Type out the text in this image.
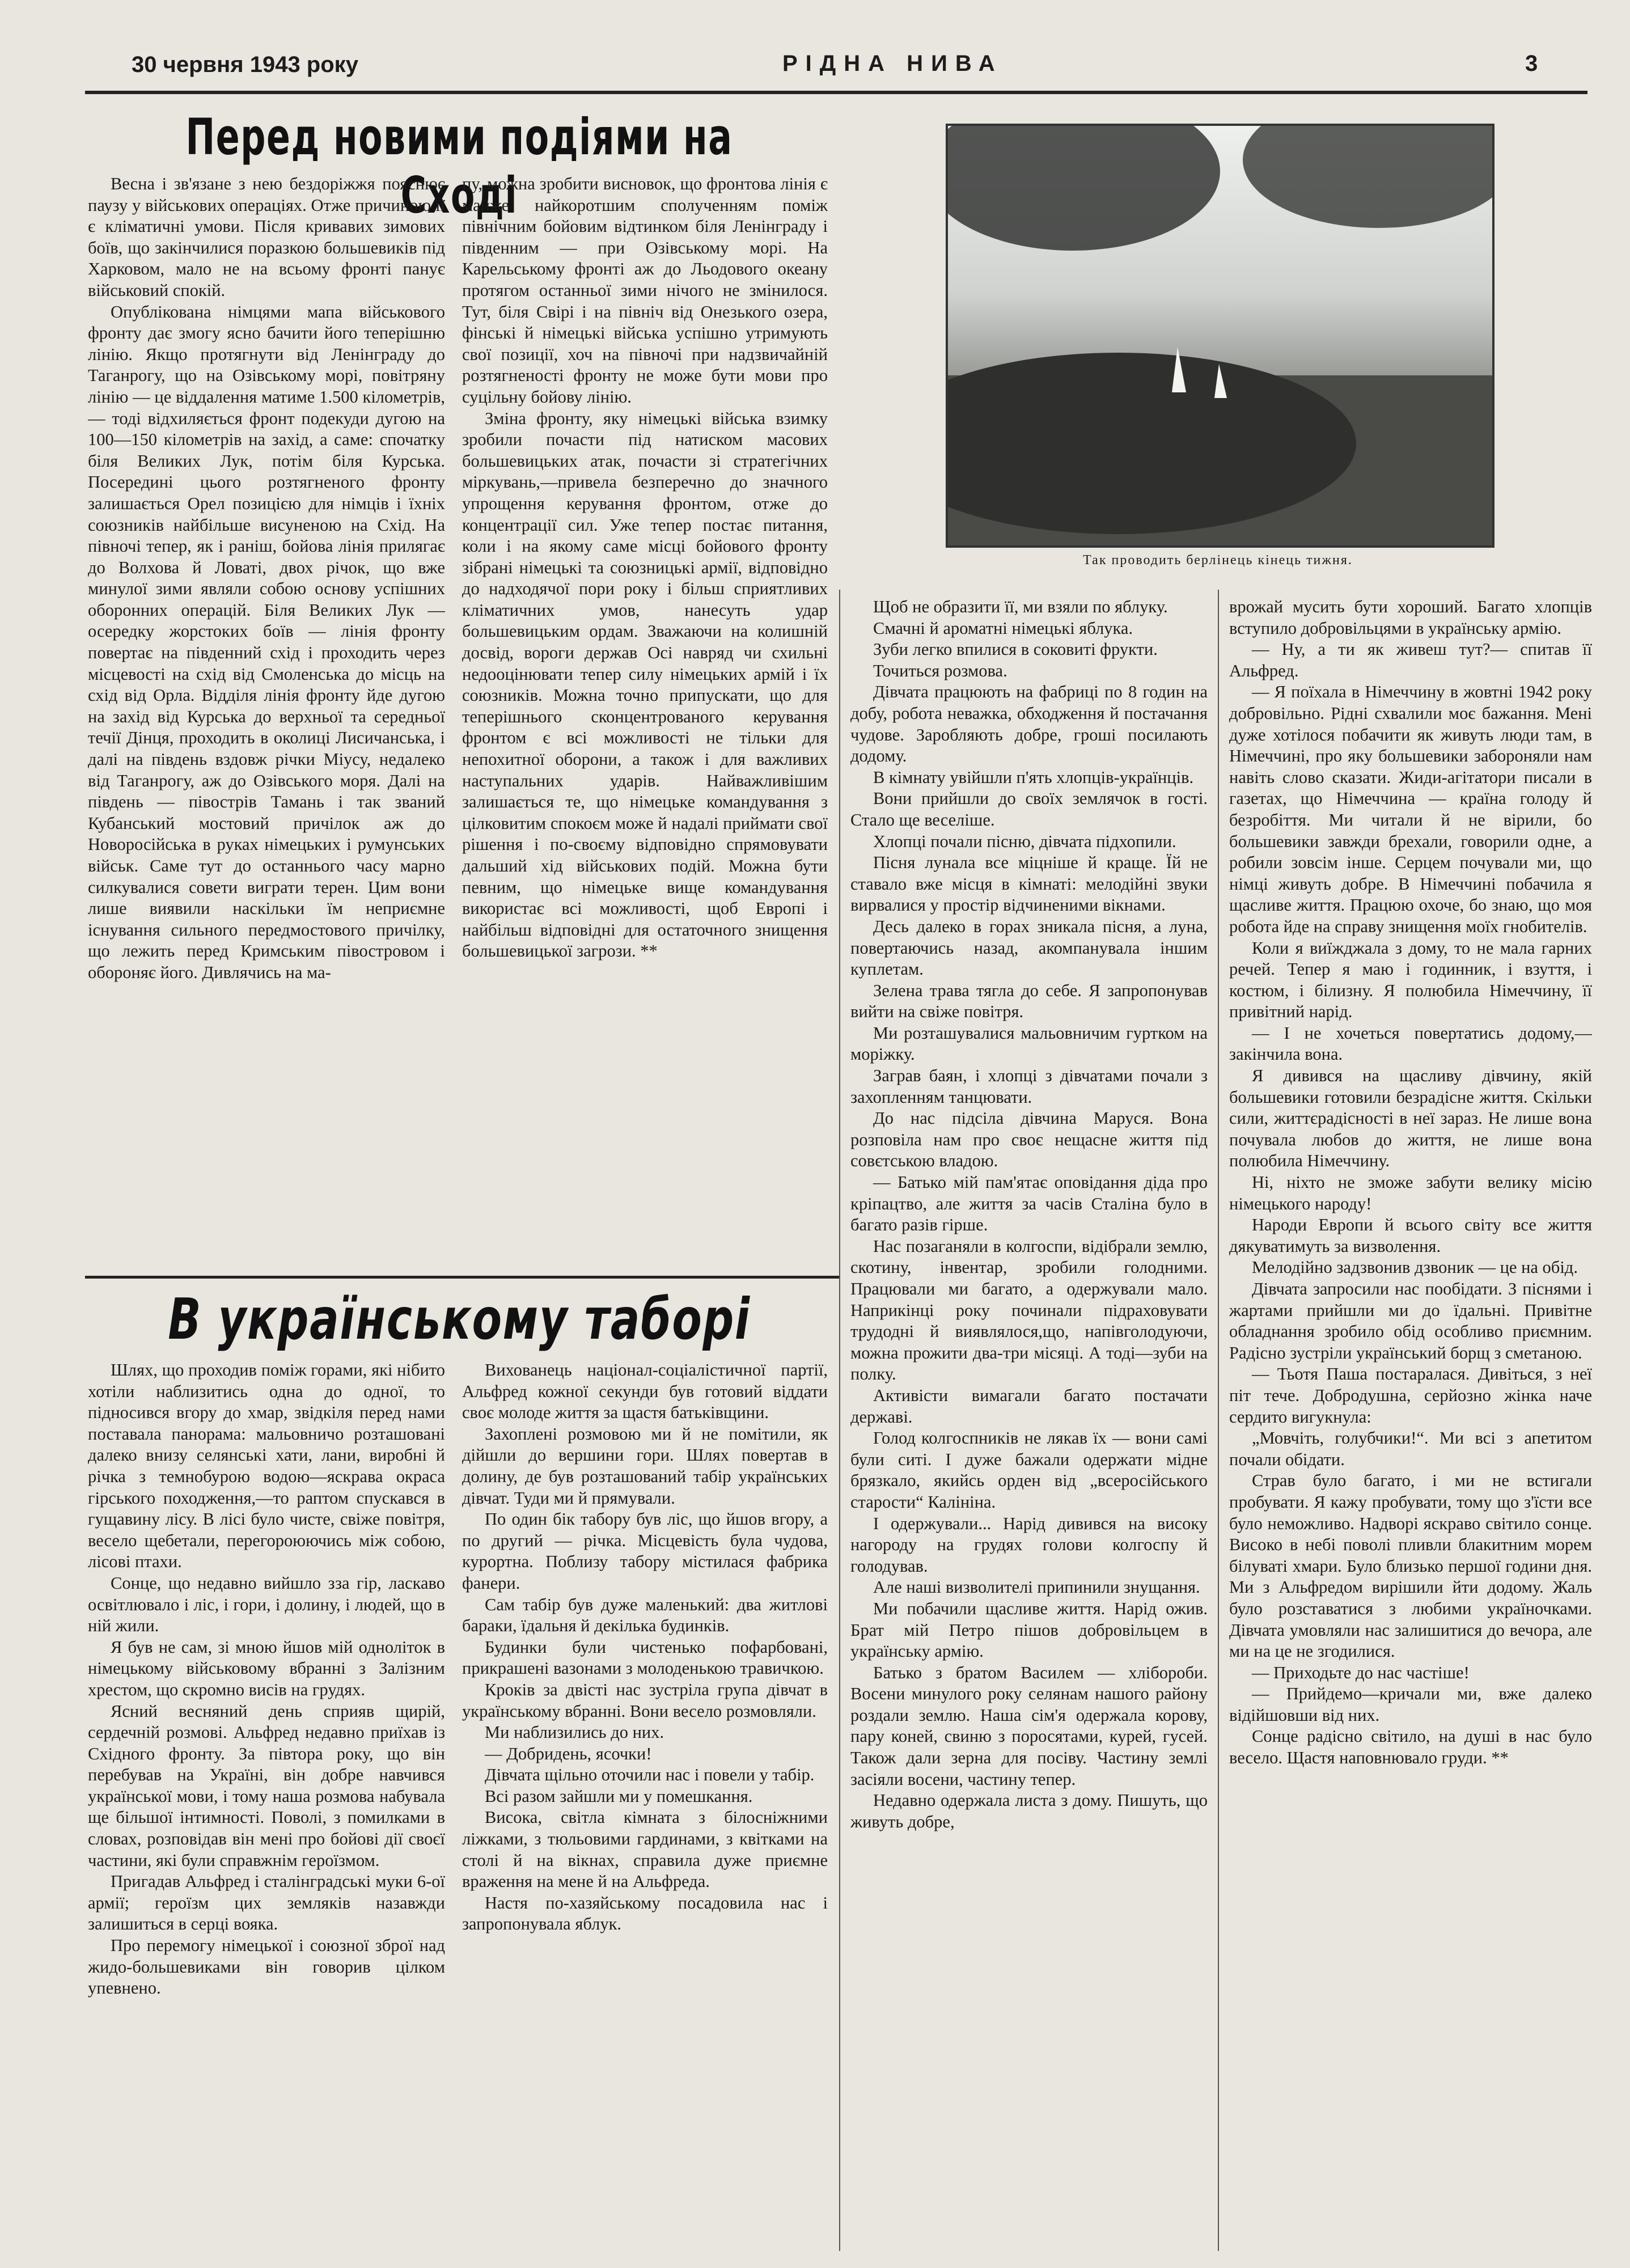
30 червня 1943 року	РІДНА НИВА	3
Перед новими подіями на Сході

Весна і зв'язане з нею бездоріжжя пояснює паузу у військових операціях. Отже причиною її є кліматичні умови. Після кривавих зимових боїв, що закінчилися поразкою большевиків під Харковом, мало не на всьому фронті панує військовий спокій.

Опублікована німцями мапа військового фронту дає змогу ясно бачити його теперішню лінію. Якщо протягнути від Ленінграду до Таганрогу, що на Озівському морі, повітряну лінію — це віддалення матиме 1.500 кілометрів, — тоді відхиляється фронт подекуди дугою на 100—150 кілометрів на захід, а саме: спочатку біля Великих Лук, потім біля Курська. Посередині цього розтягненого фронту залишається Орел позицією для німців і їхніх союзників найбільше висуненою на Схід. На півночі тепер, як і раніш, бойова лінія прилягає до Волхова й Ловаті, двох річок, що вже минулої зими являли собою основу успішних оборонних операцій. Біля Великих Лук — осередку жорстоких боїв — лінія фронту повертає на південний схід і проходить через місцевості на схід від Смоленська до місць на схід від Орла. Відділя лінія фронту йде дугою на захід від Курська до верхньої та середньої течії Дінця, проходить в околиці Лисичанська, і далі на південь вздовж річки Міусу, недалеко від Таганрогу, аж до Озівського моря. Далі на південь — півострів Тамань і так званий Кубанський мостовий причілок аж до Новоросійська в руках німецьких і румунських військ. Саме тут до останнього часу марно силкувалися совети виграти терен. Цим вони лише виявили наскільки їм неприємне існування сильного передмостового причілку, що лежить перед Кримським півостровом і обороняє його. Дивлячись на ма-

пу, можна зробити висновок, що фронтова лінія є майже найкоротшим сполученням поміж північним бойовим відтинком біля Ленінграду і південним — при Озівському морі. На Карельському фронті аж до Льодового океану протягом останньої зими нічого не змінилося. Тут, біля Свірі і на північ від Онезького озера, фінські й німецькі війська успішно утримують свої позиції, хоч на півночі при надзвичайній розтягненості фронту не може бути мови про суцільну бойову лінію.

Зміна фронту, яку німецькі війська взимку зробили почасти під натиском масових большевицьких атак, почасти зі стратегічних міркувань,—привела безперечно до значного упрощення керування фронтом, отже до концентрації сил. Уже тепер постає питання, коли і на якому саме місці бойового фронту зібрані німецькі та союзницькі армії, відповідно до надходячої пори року і більш сприятливих кліматичних умов, нанесуть удар большевицьким ордам. Зважаючи на колишній досвід, вороги держав Осі навряд чи схильні недооцінювати тепер силу німецьких армій і їх союзників. Можна точно припускати, що для теперішнього сконцентрованого керування фронтом є всі можливості не тільки для непохитної оборони, а також і для важливих наступальних ударів. Найважливішим залишається те, що німецьке командування з цілковитим спокоєм може й надалі приймати свої рішення і по-своєму відповідно спрямовувати дальший хід військових подій. Можна бути певним, що німецьке вище командування використає всі можливості, щоб Европі і найбільш відповідні для остаточного знищення большевицької загрози. **

Так проводить берлінець кінець тижня.
В українському таборі

Шлях, що проходив поміж горами, які нібито хотіли наблизитись одна до одної, то підносився вгору до хмар, звідкіля перед нами поставала панорама: мальовничо розташовані далеко внизу селянські хати, лани, виробні й річка з темнобурою водою—яскрава окраса гірського походження,—то раптом спускався в гущавину лісу. В лісі було чисте, свіже повітря, весело щебетали, перегороюючись між собою, лісові птахи.

Сонце, що недавно вийшло зза гір, ласкаво освітлювало і ліс, і гори, і долину, і людей, що в ній жили.

Я був не сам, зі мною йшов мій одноліток в німецькому військовому вбранні з Залізним хрестом, що скромно висів на грудях.

Ясний весняний день сприяв щирій, сердечній розмові. Альфред недавно приїхав із Східного фронту. За півтора року, що він перебував на Україні, він добре навчився української мови, і тому наша розмова набувала ще більшої інтимності. Поволі, з помилками в словах, розповідав він мені про бойові дії своєї частини, які були справжнім героїзмом.

Пригадав Альфред і сталінградські муки 6-ої армії; героїзм цих земляків назавжди залишиться в серці вояка.

Про перемогу німецької і союзної зброї над жидо-большевиками він говорив цілком упевнено.

Вихованець націонал-соціалістичної партії, Альфред кожної секунди був готовий віддати своє молоде життя за щастя батьківщини.

Захоплені розмовою ми й не помітили, як дійшли до вершини гори. Шлях повертав в долину, де був розташований табір українських дівчат. Туди ми й прямували.

По один бік табору був ліс, що йшов вгору, а по другий — річка. Місцевість була чудова, курортна. Поблизу табору містилася фабрика фанери.

Сам табір був дуже маленький: два житлові бараки, їдальня й декілька будинків.

Будинки були чистенько пофарбовані, прикрашені вазонами з молоденькою травичкою.

Кроків за двісті нас зустріла група дівчат в українському вбранні. Вони весело розмовляли.

Ми наблизились до них.

— Добридень, ясочки!

Дівчата щільно оточили нас і повели у табір.

Всі разом зайшли ми у помешкання.

Висока, світла кімната з білосніжними ліжками, з тюльовими гардинами, з квітками на столі й на вікнах, справила дуже приємне враження на мене й на Альфреда.

Настя по-хазяйському посадовила нас і запропонувала яблук.

Щоб не образити її, ми взяли по яблуку.

Смачні й ароматні німецькі яблука.

Зуби легко впилися в соковиті фрукти.

Точиться розмова.

Дівчата працюють на фабриці по 8 годин на добу, робота неважка, обходження й постачання чудове. Заробляють добре, гроші посилають додому.

В кімнату увійшли п'ять хлопців-українців.

Вони прийшли до своїх землячок в гості. Стало ще веселіше.

Хлопці почали пісню, дівчата підхопили.

Пісня лунала все міцніше й краще. Їй не ставало вже місця в кімнаті: мелодійні звуки вирвалися у простір відчиненими вікнами.

Десь далеко в горах зникала пісня, а луна, повертаючись назад, акомпанувала іншим куплетам.

Зелена трава тягла до себе. Я запропонував вийти на свіже повітря.

Ми розташувалися мальовничим гуртком на моріжку.

Заграв баян, і хлопці з дівчатами почали з захопленням танцювати.

До нас підсіла дівчина Маруся. Вона розповіла нам про своє нещасне життя під совєтською владою.

— Батько мій пам'ятає оповідання діда про кріпацтво, але життя за часів Сталіна було в багато разів гірше.

Нас позаганяли в колгоспи, відібрали землю, скотину, інвентар, зробили голодними. Працювали ми багато, а одержували мало. Наприкінці року починали підраховувати трудодні й виявлялося,що, напівголодуючи, можна прожити два-три місяці. А тоді—зуби на полку.

Активісти вимагали багато постачати державі.

Голод колгоспників не лякав їх — вони самі були ситі. І дуже бажали одержати мідне брязкало, якийсь орден від „всеросійського старости“ Калініна.

І одержували... Нарід дивився на високу нагороду на грудях голови колгоспу й голодував.

Але наші визволителі припинили знущання.

Ми побачили щасливе життя. Нарід ожив. Брат мій Петро пішов добровільцем в українську армію.

Батько з братом Василем — хлібороби. Восени минулого року селянам нашого району роздали землю. Наша сім'я одержала корову, пару коней, свиню з поросятами, курей, гусей. Також дали зерна для посіву. Частину землі засіяли восени, частину тепер.

Недавно одержала листа з дому. Пишуть, що живуть добре,

врожай мусить бути хороший. Багато хлопців вступило добровільцями в українську армію.

— Ну, а ти як живеш тут?— спитав її Альфред.

— Я поїхала в Німеччину в жовтні 1942 року добровільно. Рідні схвалили моє бажання. Мені дуже хотілося побачити як живуть люди там, в Німеччині, про яку большевики забороняли нам навіть слово сказати. Жиди-агітатори писали в газетах, що Німеччина — країна голоду й безробіття. Ми читали й не вірили, бо большевики завжди брехали, говорили одне, а робили зовсім інше. Серцем почували ми, що німці живуть добре. В Німеччині побачила я щасливе життя. Працюю охоче, бо знаю, що моя робота йде на справу знищення моїх гнобителів.

Коли я виїжджала з дому, то не мала гарних речей. Тепер я маю і годинник, і взуття, і костюм, і білизну. Я полюбила Німеччину, її привітний нарід.

— І не хочеться повертатись додому,— закінчила вона.

Я дивився на щасливу дівчину, якій большевики готовили безрадісне життя. Скільки сили, життєрадісності в неї зараз. Не лише вона почувала любов до життя, не лише вона полюбила Німеччину.

Ні, ніхто не зможе забути велику місію німецького народу!

Народи Европи й всього світу все життя дякуватимуть за визволення.

Мелодійно задзвонив дзвоник — це на обід.

Дівчата запросили нас пообідати. З піснями і жартами прийшли ми до їдальні. Привітне обладнання зробило обід особливо приємним. Радісно зустріли український борщ з сметаною.

— Тьотя Паша постаралася. Дивіться, з неї піт тече. Добродушна, серйозно жінка наче сердито вигукнула:

„Мовчіть, голубчики!“. Ми всі з апетитом почали обідати.

Страв було багато, і ми не встигали пробувати. Я кажу пробувати, тому що з'їсти все було неможливо. Надворі яскраво світило сонце. Високо в небі поволі пливли блакитним морем білуваті хмари. Було близько першої години дня. Ми з Альфредом вирішили йти додому. Жаль було розставатися з любими україночками. Дівчата умовляли нас залишитися до вечора, але ми на це не згодилися.

— Приходьте до нас частіше!

— Прийдемо—кричали ми, вже далеко відійшовши від них.

Сонце радісно світило, на душі в нас було весело. Щастя наповнювало груди. **
